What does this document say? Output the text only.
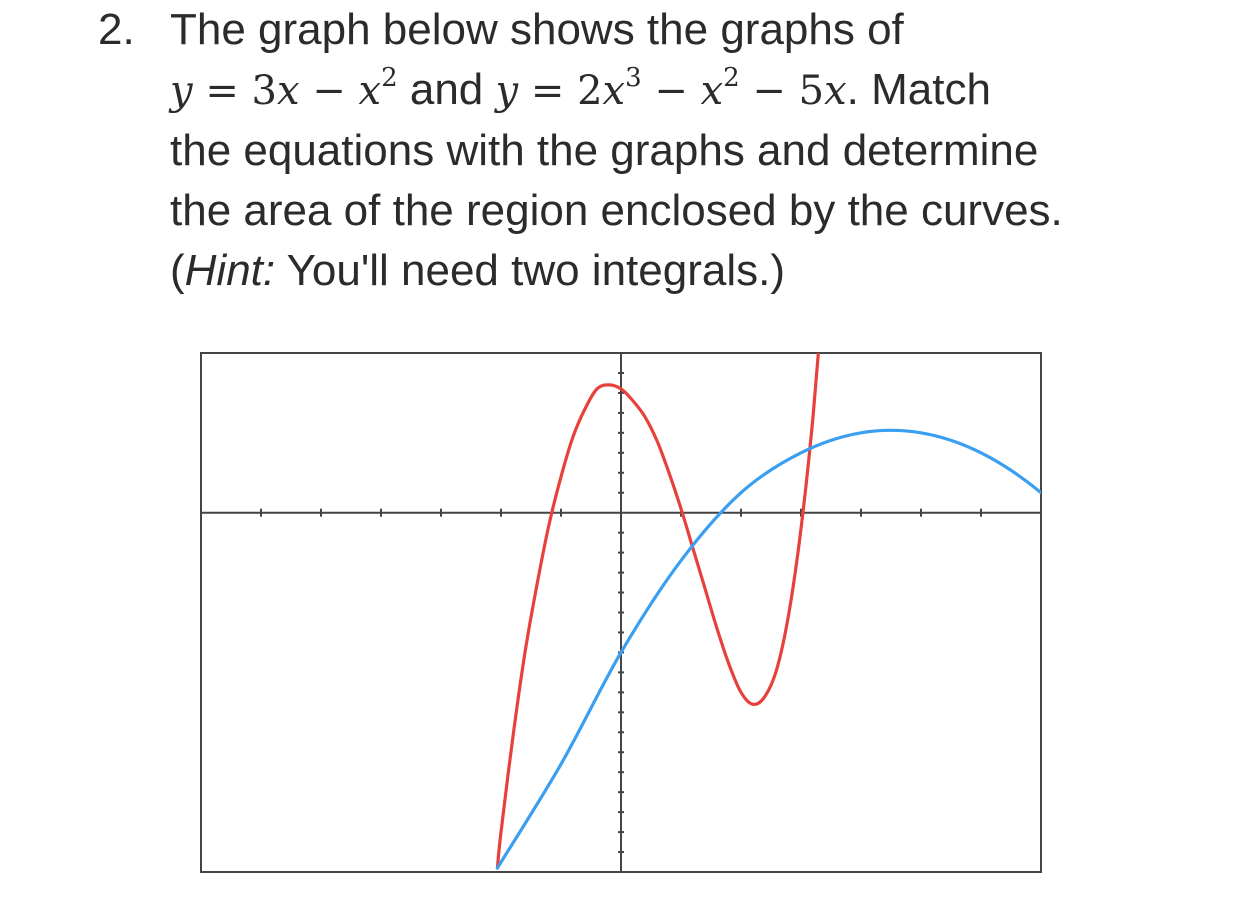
2. The graph below shows the graphs of
$y = 3x - x^2$ and $y = 2x^3 - x^2 - 5x$. Match
the equations with the graphs and determine
the area of the region enclosed by the curves.
(Hint: You'll need two integrals.)
